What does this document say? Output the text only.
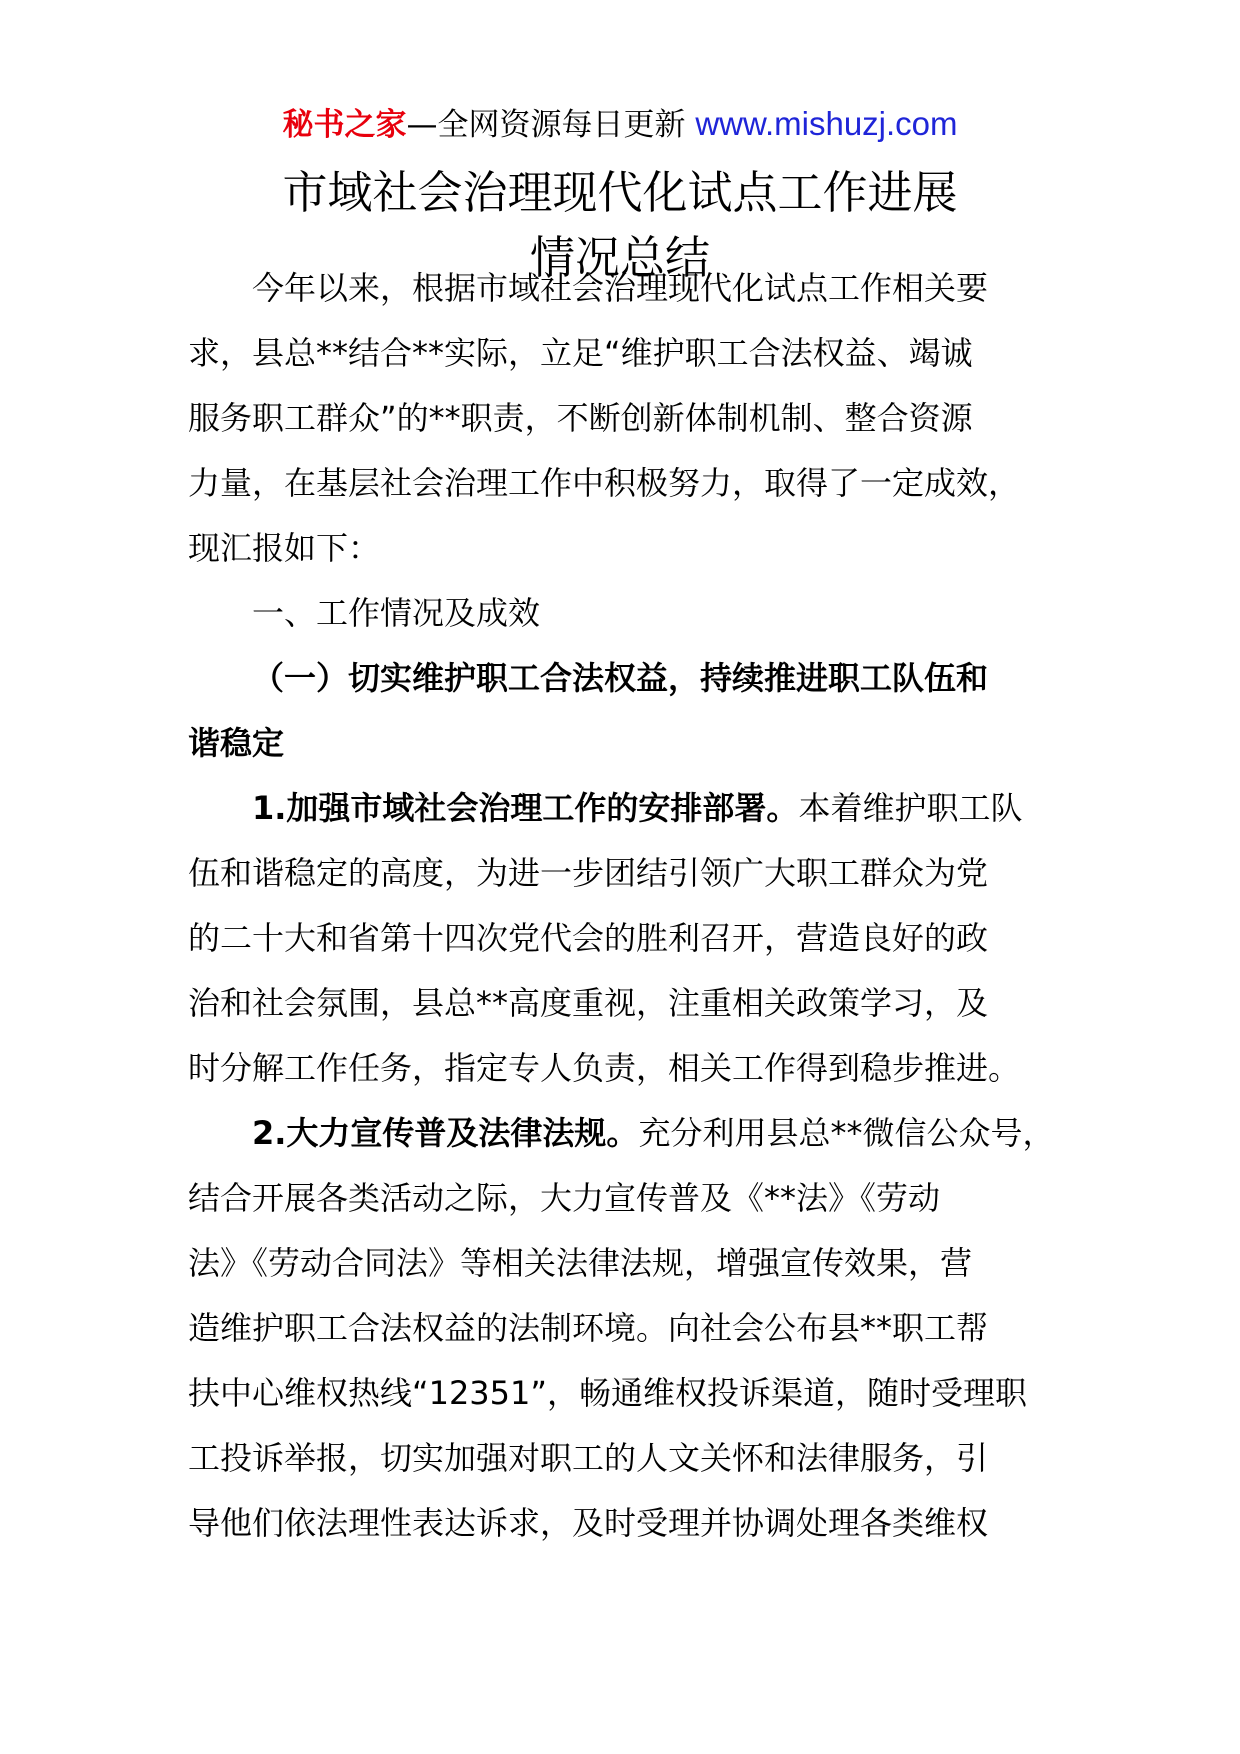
秘书之家—全网资源每日更新 www.mishuzj.com
市域社会治理现代化试点工作进展
情况总结
今年以来，根据市域社会治理现代化试点工作相关要
求，县总**结合**实际，立足“维护职工合法权益、竭诚
服务职工群众”的**职责，不断创新体制机制、整合资源
力量，在基层社会治理工作中积极努力，取得了一定成效，
现汇报如下：
一、工作情况及成效
（一）切实维护职工合法权益，持续推进职工队伍和
谐稳定
1.加强市域社会治理工作的安排部署。本着维护职工队
伍和谐稳定的高度，为进一步团结引领广大职工群众为党
的二十大和省第十四次党代会的胜利召开，营造良好的政
治和社会氛围，县总**高度重视，注重相关政策学习，及
时分解工作任务，指定专人负责，相关工作得到稳步推进。
2.大力宣传普及法律法规。充分利用县总**微信公众号，
结合开展各类活动之际，大力宣传普及《**法》《劳动
法》《劳动合同法》等相关法律法规，增强宣传效果，营
造维护职工合法权益的法制环境。向社会公布县**职工帮
扶中心维权热线“12351”，畅通维权投诉渠道，随时受理职
工投诉举报，切实加强对职工的人文关怀和法律服务，引
导他们依法理性表达诉求，及时受理并协调处理各类维权
